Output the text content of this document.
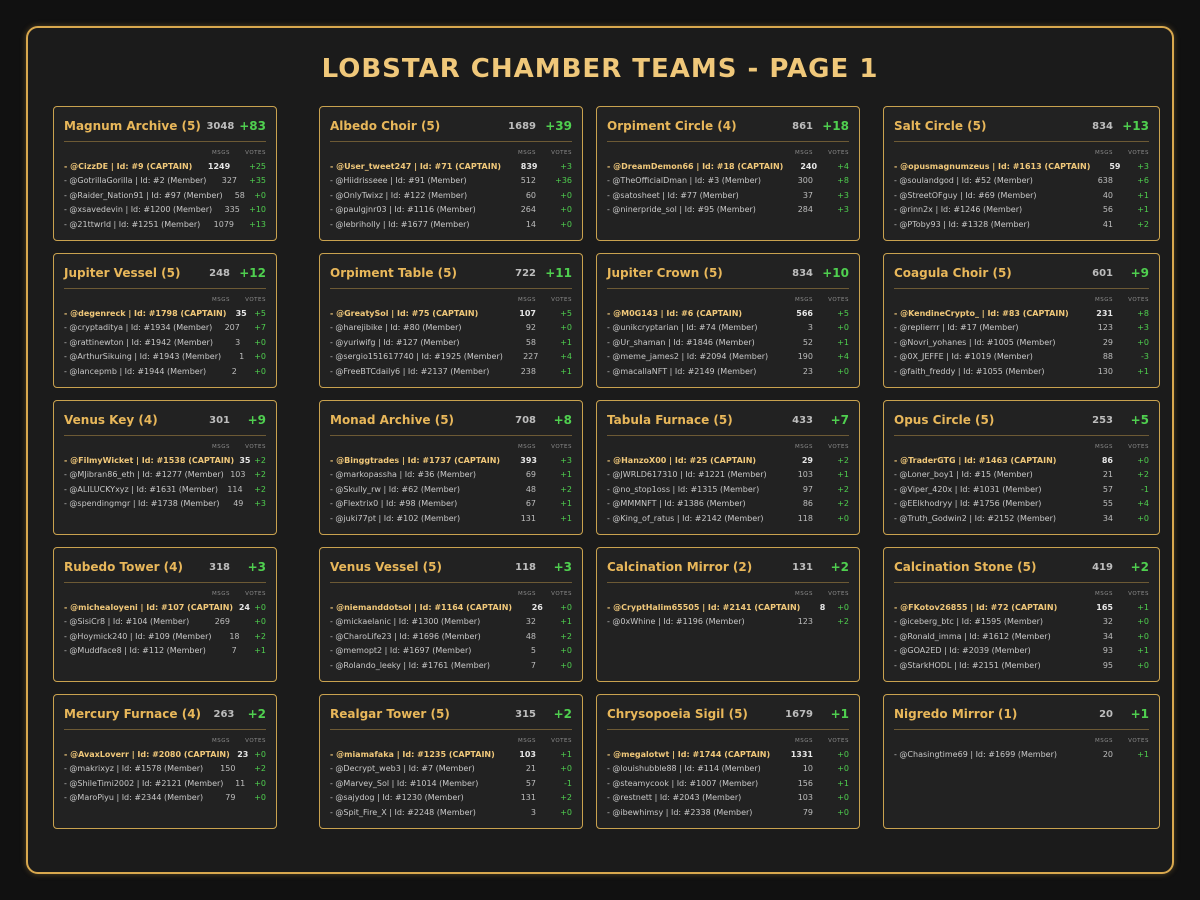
LOBSTAR CHAMBER TEAMS - PAGE 1
Magnum Archive (5) 3048 +83
MSGS	VOTES
- @CizzDE | Id: #9 (CAPTAIN)	1249	+25
- @GotrillaGorilla | Id: #2 (Member)	327	+35
- @Raider_Nation91 | Id: #97 (Member)	58	+0
- @xsavedevin | Id: #1200 (Member)	335	+10
- @21ttwrld | Id: #1251 (Member)	1079	+13
Albedo Choir (5)	1689 +39
MSGS	VOTES
- @User_tweet247 | Id: #71 (CAPTAIN)	839	+3
- @Hiidrisseee | Id: #91 (Member)	512	+36
- @OnlyTwixz | Id: #122 (Member)	60	+0
- @paulgjnr03 | Id: #1116 (Member)	264	+0
- @lebriholly | Id: #1677 (Member)	14	+0
Orpiment Circle (4)	861 +18
MSGS	VOTES
- @DreamDemon66 | Id: #18 (CAPTAIN)	240	+4
- @TheOfficialDman | Id: #3 (Member)	300	+8
- @satosheet | Id: #77 (Member)	37	+3
- @ninerpride_sol | Id: #95 (Member)	284	+3
Salt Circle (5)	834 +13
MSGS	VOTES
- @opusmagnumzeus | Id: #1613 (CAPTAIN)	59	+3
- @soulandgod | Id: #52 (Member)	638	+6
- @StreetOFguy | Id: #69 (Member)	40	+1
- @rinn2x | Id: #1246 (Member)	56	+1
- @PToby93 | Id: #1328 (Member)	41	+2
Jupiter Vessel (5)	248 +12
MSGS	VOTES
- @degenreck | Id: #1798 (CAPTAIN)	35 +5
- @cryptaditya | Id: #1934 (Member)	207	+7
- @rattinewton | Id: #1942 (Member)	3	+0
- @ArthurSikuing | Id: #1943 (Member)	1	+0
- @lancepmb | Id: #1944 (Member)	2	+0
Orpiment Table (5)	722 +11
MSGS	VOTES
- @GreatySol | Id: #75 (CAPTAIN)	107	+5
- @harejibike | Id: #80 (Member)	92	+0
- @yuriwifg | Id: #127 (Member)	58	+1
- @sergio151617740 | Id: #1925 (Member)	227	+4
- @FreeBTCdaily6 | Id: #2137 (Member)	238	+1
Jupiter Crown (5)	834 +10
MSGS	VOTES
- @M0G143 | Id: #6 (CAPTAIN)	566	+5
- @unikcryptarian | Id: #74 (Member)	3	+0
- @Ur_shaman | Id: #1846 (Member)	52	+1
- @meme_james2 | Id: #2094 (Member)	190	+4
- @macallaNFT | Id: #2149 (Member)	23	+0
Coagula Choir (5)	601	+9
MSGS	VOTES
- @KendineCrypto_ | Id: #83 (CAPTAIN)	231	+8
- @replierrr | Id: #17 (Member)	123	+3
- @Novri_yohanes | Id: #1005 (Member)	29	+0
- @0X_JEFFE | Id: #1019 (Member)	88	-3
- @faith_freddy | Id: #1055 (Member)	130	+1
Venus Key (4)	301	+9
MSGS	VOTES
- @FilmyWicket | Id: #1538 (CAPTAIN) 35 +2
- @MJibran86_eth | Id: #1277 (Member) 103	+2
- @ALILUCKYxyz | Id: #1631 (Member)	114	+2
- @spendingmgr | Id: #1738 (Member)	49	+3
Monad Archive (5)	708	+8
MSGS	VOTES
- @Binggtrades | Id: #1737 (CAPTAIN)	393	+3
- @markopassha | Id: #36 (Member)	69	+1
- @Skully_rw | Id: #62 (Member)	48	+2
- @Flextrix0 | Id: #98 (Member)	67	+1
- @juki77pt | Id: #102 (Member)	131	+1
Tabula Furnace (5)	433	+7
MSGS	VOTES
- @HanzoX00 | Id: #25 (CAPTAIN)	29	+2
- @JWRLD617310 | Id: #1221 (Member)	103	+1
- @no_stop1oss | Id: #1315 (Member)	97	+2
- @MMMNFT | Id: #1386 (Member)	86	+2
- @King_of_ratus | Id: #2142 (Member)	118	+0
Opus Circle (5)	253	+5
MSGS	VOTES
- @TraderGTG | Id: #1463 (CAPTAIN)	86	+0
- @Loner_boy1 | Id: #15 (Member)	21	+2
- @Viper_420x | Id: #1031 (Member)	57	-1
- @EElkhodryy | Id: #1756 (Member)	55	+4
- @Truth_Godwin2 | Id: #2152 (Member)	34	+0
Rubedo Tower (4)	318	+3
MSGS	VOTES
- @michealoyeni | Id: #107 (CAPTAIN) 24 +0
- @SisiCr8 | Id: #104 (Member)	269	+0
- @Hoymick240 | Id: #109 (Member)	18	+2
- @Muddface8 | Id: #112 (Member)	7	+1
Venus Vessel (5)	118	+3
MSGS	VOTES
- @niemanddotsol | Id: #1164 (CAPTAIN)	26	+0
- @mickaelanic | Id: #1300 (Member)	32	+1
- @CharoLife23 | Id: #1696 (Member)	48	+2
- @memopt2 | Id: #1697 (Member)	5	+0
- @Rolando_leeky | Id: #1761 (Member)	7	+0
Calcination Mirror (2)	131	+2
MSGS	VOTES
- @CryptHalim65505 | Id: #2141 (CAPTAIN)	8	+0
- @0xWhine | Id: #1196 (Member)	123	+2
Calcination Stone (5)	419	+2
MSGS	VOTES
- @FKotov26855 | Id: #72 (CAPTAIN)	165	+1
- @iceberg_btc | Id: #1595 (Member)	32	+0
- @Ronald_imma | Id: #1612 (Member)	34	+0
- @GOA2ED | Id: #2039 (Member)	93	+1
- @StarkHODL | Id: #2151 (Member)	95	+0
Mercury Furnace (4)	263	+2
MSGS	VOTES
- @AvaxLoverr | Id: #2080 (CAPTAIN) 23 +0
- @makrixyz | Id: #1578 (Member)	150	+2
- @ShileTimi2002 | Id: #2121 (Member)	11	+0
- @MaroPiyu | Id: #2344 (Member)	79	+0
Realgar Tower (5)	315	+2
MSGS	VOTES
- @miamafaka | Id: #1235 (CAPTAIN)	103	+1
- @Decrypt_web3 | Id: #7 (Member)	21	+0
- @Marvey_Sol | Id: #1014 (Member)	57	-1
- @sajydog | Id: #1230 (Member)	131	+2
- @Spit_Fire_X | Id: #2248 (Member)	3	+0
Chrysopoeia Sigil (5)	1679	+1
MSGS	VOTES
- @megalotwt | Id: #1744 (CAPTAIN)	1331	+0
- @louishubble88 | Id: #114 (Member)	10	+0
- @steamycook | Id: #1007 (Member)	156	+1
- @restnett | Id: #2043 (Member)	103	+0
- @ibewhimsy | Id: #2338 (Member)	79	+0
Nigredo Mirror (1)	20	+1
MSGS	VOTES
- @Chasingtime69 | Id: #1699 (Member)	20	+1
